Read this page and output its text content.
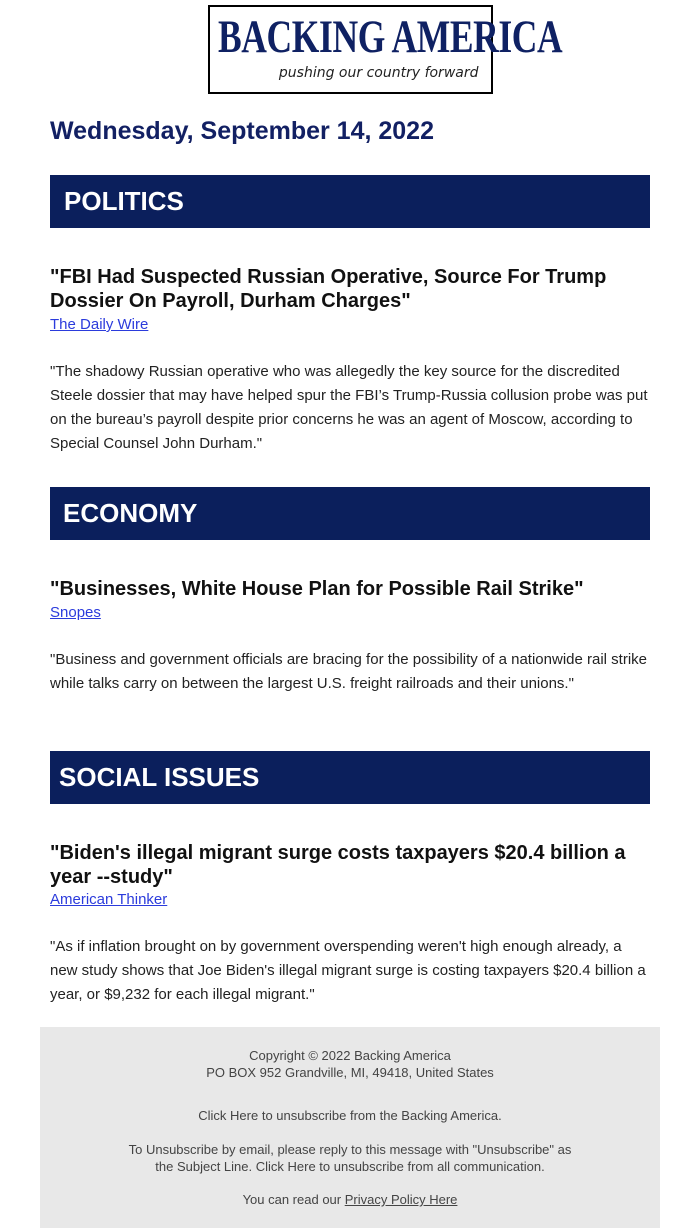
BACKING AMERICA
pushing our country forward
Wednesday, September 14, 2022
POLITICS
"FBI Had Suspected Russian Operative, Source For Trump Dossier On Payroll, Durham Charges"
The Daily Wire

"The shadowy Russian operative who was allegedly the key source for the discredited Steele dossier that may have helped spur the FBI’s Trump-Russia collusion probe was put on the bureau’s payroll despite prior concerns he was an agent of Moscow, according to Special Counsel John Durham."

ECONOMY
"Businesses, White House Plan for Possible Rail Strike"
Snopes

"Business and government officials are bracing for the possibility of a nationwide rail strike while talks carry on between the largest U.S. freight railroads and their unions."

SOCIAL ISSUES
"Biden's illegal migrant surge costs taxpayers $20.4 billion a year --study"
American Thinker

"As if inflation brought on by government overspending weren't high enough already, a new study shows that Joe Biden's illegal migrant surge is costing taxpayers $20.4 billion a year, or $9,232 for each illegal migrant."

Copyright © 2022 Backing America

PO BOX 952 Grandville, MI, 49418, United States

Click Here to unsubscribe from the Backing America.

To Unsubscribe by email, please reply to this message with "Unsubscribe" as

the Subject Line. Click Here to unsubscribe from all communication.

You can read our Privacy Policy Here
